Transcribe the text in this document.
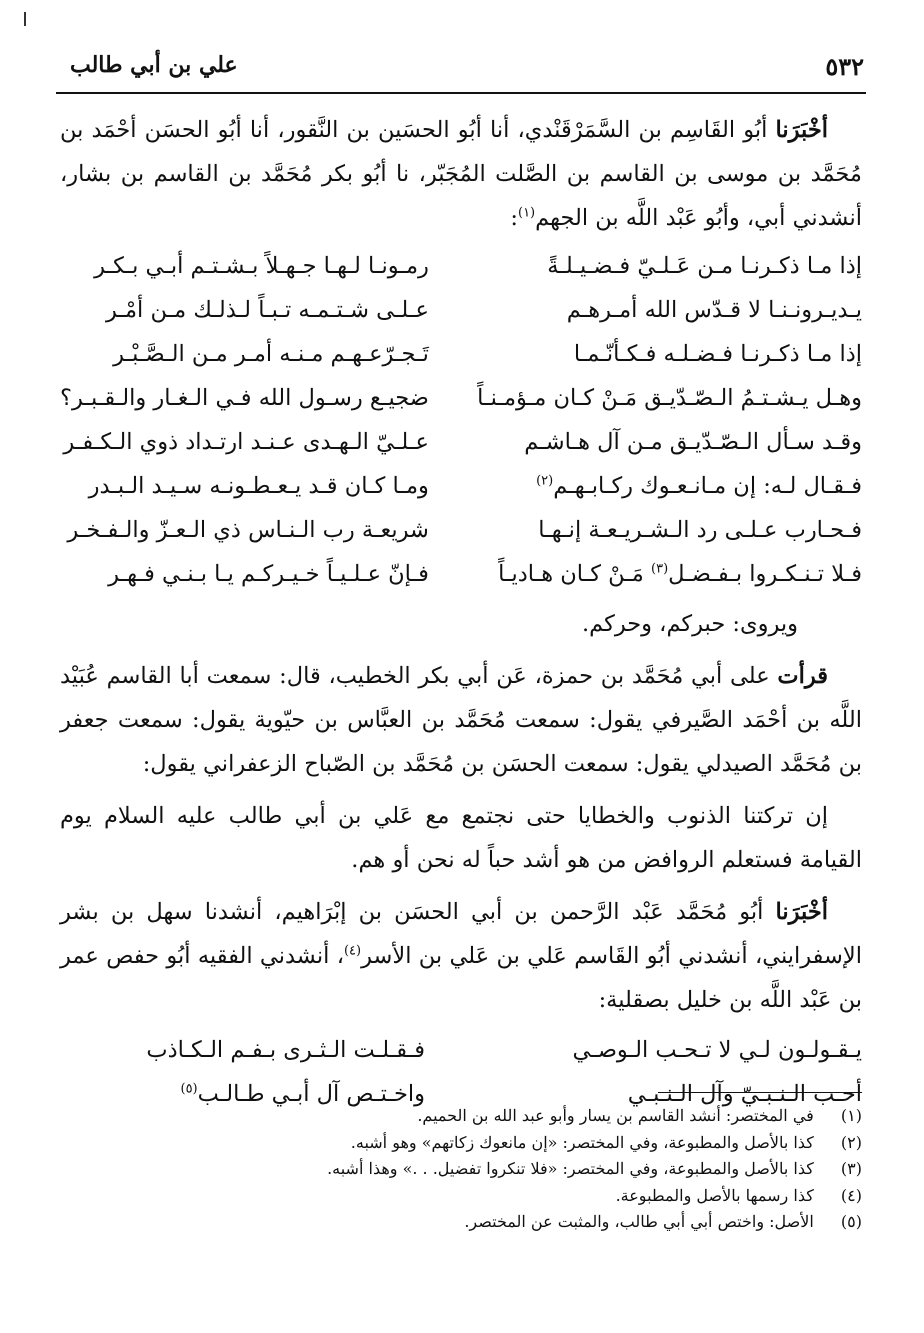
٥٣٢
علي بن أبي طالب

أخْبَرَنا أبُو القَاسِم بن السَّمَرْقَنْدي، أنا أبُو الحسَين بن النَّقور، أنا أبُو الحسَن أحْمَد بن مُحَمَّد بن موسى بن القاسم بن الصَّلت المُجَبّر، نا أبُو بكر مُحَمَّد بن القاسم بن بشار، أنشدني أبي، وأبُو عَبْد اللَّه بن الجهم$^{(١)}$:

إذا مـا ذكـرنـا مـن عَـلـيّ فـضـيـلـةً	رمـونـا لـهـا جـهـلاً بـشـتـم أبـي بـكـر
يـديـرونـنـا لا قـدّس الله أمـرهـم	عـلـى شـتـمـه تـبـاً لـذلـك مـن أمْـر
إذا مـا ذكـرنـا فـضـلـه فـكـأنّـمـا	تَـجـرّعـهـم مـنـه أمـر مـن الـصَّـبْـر
وهـل يـشـتـمُ الـصّـدّيـق مَـنْ كـان مـؤمـنـاً	ضجيـع رسـول الله فـي الـغـار والـقـبـر؟
وقـد سـأل الـصّـدّيـق مـن آل هـاشـم	عـلـيّ الـهـدى عـنـد ارتـداد ذوي الـكـفـر
فـقـال لـه: إن مـانـعـوك ركـابـهـم$^{(٢)}$	ومـا كـان قـد يـعـطـونـه سـيـد الـبـدر
فـحـارب عـلـى رد الـشـريـعـة إنـهـا	شريعـة رب الـنـاس ذي الـعـزّ والـفـخـر
فـلا تـنـكـروا بـفـضـل$^{(٣)}$ مَـنْ كـان هـاديـاً	فـإنّ عـلـيـاً خـيـركـم يـا بـنـي فـهـر

ويروى: حبركم، وحركم.

قرأت على أبي مُحَمَّد بن حمزة، عَن أبي بكر الخطيب، قال: سمعت أبا القاسم عُبَيْد اللَّه بن أحْمَد الصَّيرفي يقول: سمعت مُحَمَّد بن العبَّاس بن حيّوية يقول: سمعت جعفر بن مُحَمَّد الصيدلي يقول: سمعت الحسَن بن مُحَمَّد بن الصّباح الزعفراني يقول:

إن تركتنا الذنوب والخطايا حتى نجتمع مع عَلي بن أبي طالب عليه السلام يوم القيامة فستعلم الروافض من هو أشد حباً له نحن أو هم.

أخْبَرَنا أبُو مُحَمَّد عَبْد الرَّحمن بن أبي الحسَن بن إبْرَاهيم، أنشدنا سهل بن بشر الإسفرايني، أنشدني أبُو القَاسم عَلي بن عَلي بن الأسر$^{(٤)}$، أنشدني الفقيه أبُو حفص عمر بن عَبْد اللَّه بن خليل بصقلية:

يـقـولـون لـي لا تـحـب الـوصـي	فـقـلـت الـثـرى بـفـم الـكـاذب
أحـب الـنـبـيّ وآل الـنـبـي	واخـتـص آل أبـي طـالـب$^{(٥)}$

(١)  في المختصر: أنشد القاسم بن يسار وأبو عبد الله بن الحميم.

(٢)  كذا بالأصل والمطبوعة، وفي المختصر: «إن مانعوك زكاتهم» وهو أشبه.

(٣)  كذا بالأصل والمطبوعة، وفي المختصر: «فلا تنكروا تفضيل. . .» وهذا أشبه.

(٤)  كذا رسمها بالأصل والمطبوعة.

(٥)  الأصل: واختص أبي أبي طالب، والمثبت عن المختصر.
